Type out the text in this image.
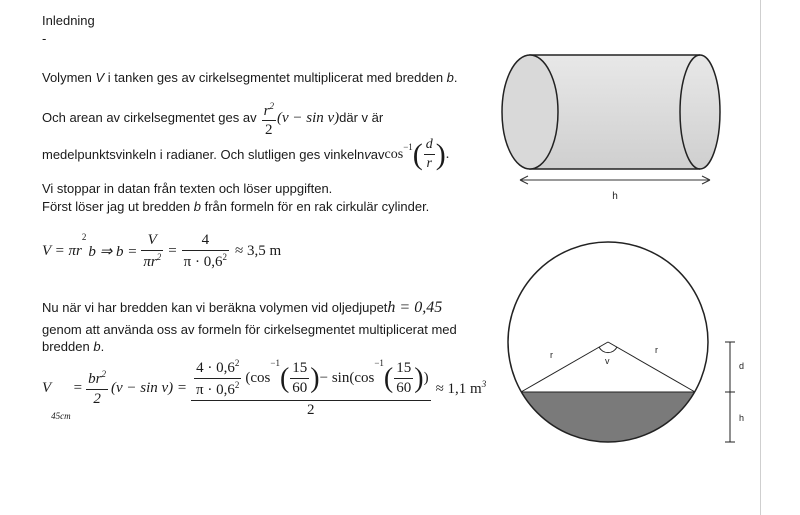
Inledning
-
Volymen V i tanken ges av cirkelsegmentet multiplicerat med bredden b.
Och arean av cirkelsegmentet ges av $\frac{r^2}{2} (v - \sin v)$ där v är
medelpunktsvinkeln i radianer. Och slutligen ges vinkeln v av $\cos^{-1}$ ( $\frac{d}{r}$ ) .
Vi stoppar in datan från texten och löser uppgiften.
Först löser jag ut bredden b från formeln för en rak cirkulär cylinder.
V = πr
2
b ⇒ $b = \frac{V}{\pi r^2} = \frac{4}{\pi \cdot 0,6^2} \approx 3,5$ m
Nu när vi har bredden kan vi beräkna volymen vid oljedjupet h = 0,45
genom att använda oss av formeln för cirkelsegmentet multiplicerat med
bredden b.
V
45cm
= $\frac{br^2}{2} (v - \sin v) = \frac{4 \cdot 0,6^2}{\pi \cdot 0,6^2} (\cos$
−1 ( $\frac{15}{60}$ ) − sin(cos
−1 ( $\frac{15}{60}$ ) )
2
≈ 1,1 $m^3$
h
r	r
v	d
h
